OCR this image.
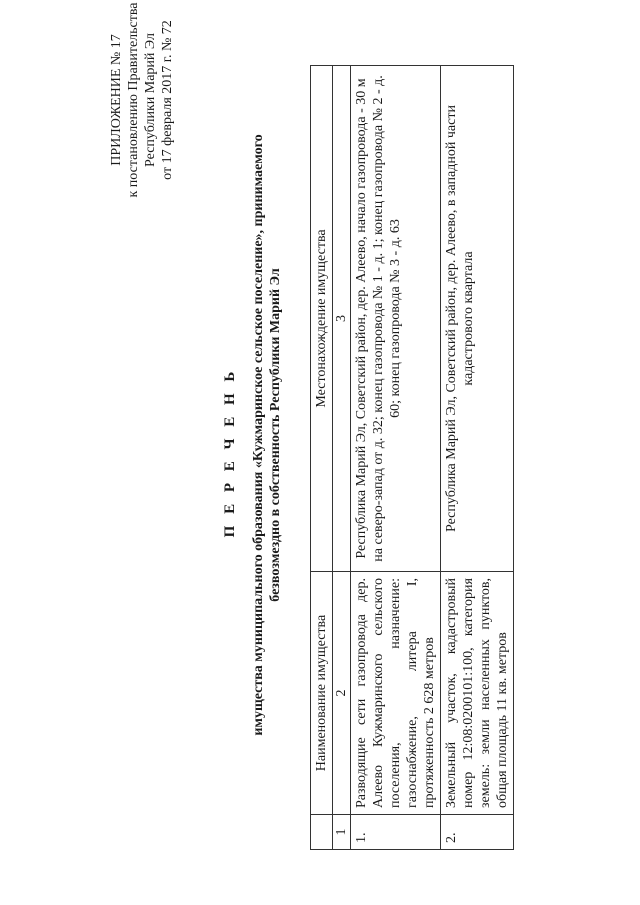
ПРИЛОЖЕНИЕ № 17 к постановлению Правительства Республики Марий Эл от 17 февраля 2017 г. № 72
П Е Р Е Ч Е Н Ь имущества муниципального образования «Кужмаринское сельское поселение», принимаемого безвозмездно в собственность Республики Марий Эл
	Наименование имущества	Местонахождение имущества
1	2	3
1.	Разводящие сети газопровода дер. Алеево Кужмаринского сельского поселения, назначение: газоснабжение, литера I, протяженность 2 628 метров	Республика Марий Эл, Советский район, дер. Алеево, начало газопровода - 30 м на северо-запад от д. 32; конец газопровода № 1 - д. 1; конец газопровода № 2 - д. 60; конец газопровода № 3 - д. 63
2.	Земельный участок, кадастровый номер 12:08:0200101:100, категория земель: земли населенных пунктов, общая площадь 11 кв. метров	Республика Марий Эл, Советский район, дер. Алеево, в западной части кадастрового квартала
